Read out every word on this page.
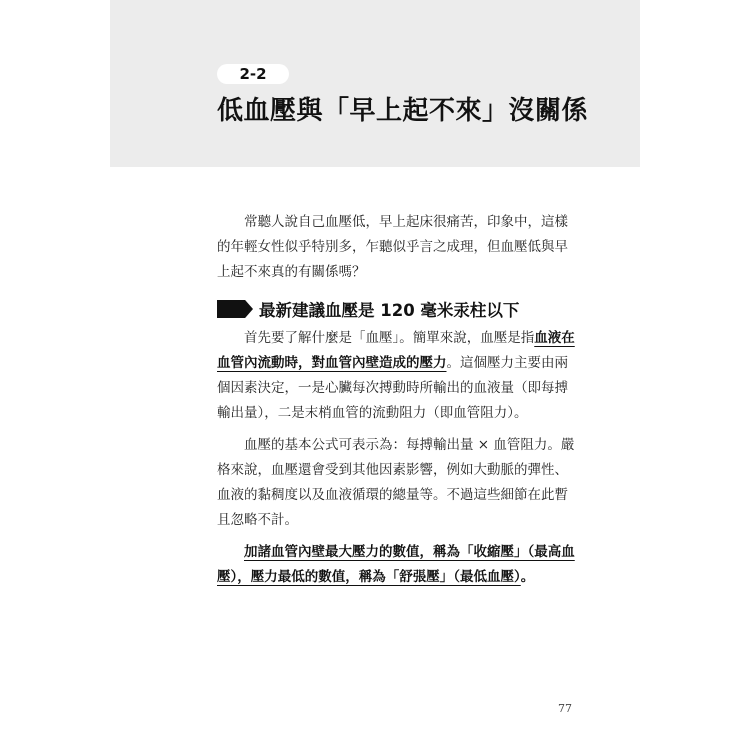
2-2
低血壓與「早上起不來」沒關係

常聽人說自己血壓低，早上起床很痛苦，印象中，這樣的年輕女性似乎特別多，乍聽似乎言之成理，但血壓低與早上起不來真的有關係嗎？

最新建議血壓是 120 毫米汞柱以下

首先要了解什麼是「血壓」。簡單來說，血壓是指血液在血管內流動時，對血管內壁造成的壓力。這個壓力主要由兩個因素決定，一是心臟每次搏動時所輸出的血液量（即每搏輸出量），二是末梢血管的流動阻力（即血管阻力）。

血壓的基本公式可表示為：每搏輸出量 × 血管阻力。嚴格來說，血壓還會受到其他因素影響，例如大動脈的彈性、血液的黏稠度以及血液循環的總量等。不過這些細節在此暫且忽略不計。

加諸血管內壁最大壓力的數值，稱為「收縮壓」（最高血壓），壓力最低的數值，稱為「舒張壓」（最低血壓）。

77
